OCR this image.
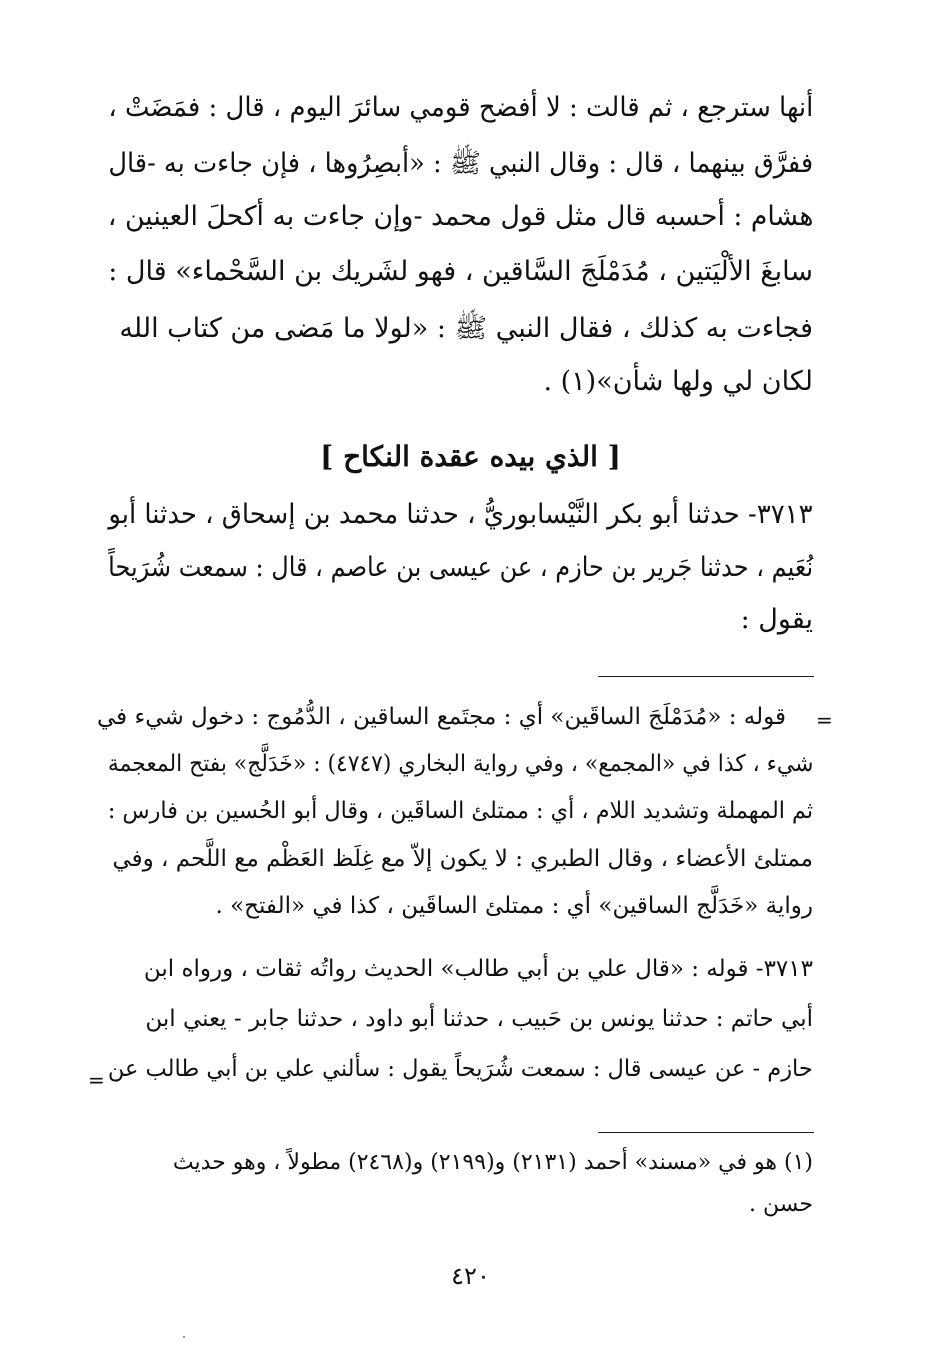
أنها سترجع ، ثم قالت : لا أفضح قومي سائرَ اليوم ، قال : فمَضَتْ ،
ففرَّق بينهما ، قال : وقال النبي ﷺ : «أبصِرُوها ، فإن جاءت به -قال
هشام : أحسبه قال مثل قول محمد -وإن جاءت به أكحلَ العينين ،
سابغَ الألْيَتين ، مُدَمْلَجَ السَّاقين ، فهو لشَريك بن السَّحْماء» قال :
فجاءت به كذلك ، فقال النبي ﷺ : «لولا ما مَضى من كتاب الله
لكان لي ولها شأن»(١) .
[ الذي بيده عقدة النكاح ]
٣٧١٣- حدثنا أبو بكر النَّيْسابوريُّ ، حدثنا محمد بن إسحاق ، حدثنا أبو
نُعَيم ، حدثنا جَرير بن حازم ، عن عيسى بن عاصم ، قال : سمعت شُرَيحاً
يقول :
=
قوله : «مُدَمْلَجَ الساقَين» أي : مجتَمع الساقين ، الدُّمُوج : دخول شيء في
شيء ، كذا في «المجمع» ، وفي رواية البخاري (٤٧٤٧) : «خَدَلَّج» بفتح المعجمة
ثم المهملة وتشديد اللام ، أي : ممتلئ الساقَين ، وقال أبو الحُسين بن فارس :
ممتلئ الأعضاء ، وقال الطبري : لا يكون إلاّ مع غِلَظ العَظْم مع اللَّحم ، وفي
رواية «خَدَلَّج الساقين» أي : ممتلئ الساقَين ، كذا في «الفتح» .
٣٧١٣- قوله : «قال علي بن أبي طالب» الحديث رواتُه ثقات ، ورواه ابن
أبي حاتم : حدثنا يونس بن حَبيب ، حدثنا أبو داود ، حدثنا جابر - يعني ابن
حازم - عن عيسى قال : سمعت شُرَيحاً يقول : سألني علي بن أبي طالب عن
=
(١) هو في «مسند» أحمد (٢١٣١) و(٢١٩٩) و(٢٤٦٨) مطولاً ، وهو حديث
حسن .
٤٢٠
